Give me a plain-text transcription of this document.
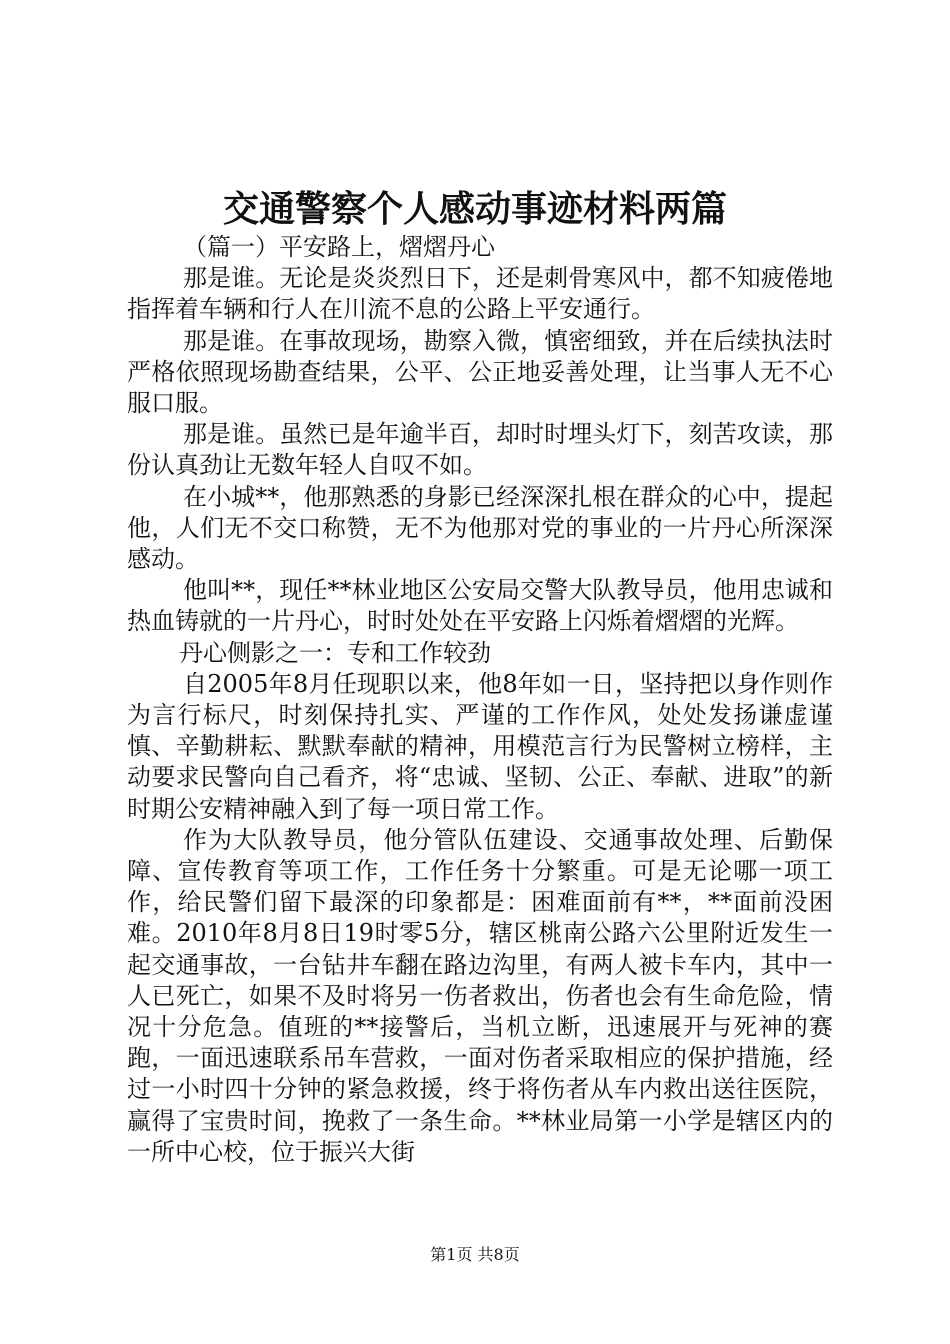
交通警察个人感动事迹材料两篇

（篇一）平安路上，熠熠丹心

那是谁。无论是炎炎烈日下，还是刺骨寒风中，都不知疲倦地指挥着车辆和行人在川流不息的公路上平安通行。

那是谁。在事故现场，勘察入微，慎密细致，并在后续执法时严格依照现场勘查结果，公平、公正地妥善处理，让当事人无不心服口服。

那是谁。虽然已是年逾半百，却时时埋头灯下，刻苦攻读，那份认真劲让无数年轻人自叹不如。

在小城**，他那熟悉的身影已经深深扎根在群众的心中，提起他，人们无不交口称赞，无不为他那对党的事业的一片丹心所深深感动。

他叫**，现任**林业地区公安局交警大队教导员，他用忠诚和热血铸就的一片丹心，时时处处在平安路上闪烁着熠熠的光辉。

丹心侧影之一：专和工作较劲

自2005年8月任现职以来，他8年如一日，坚持把以身作则作为言行标尺，时刻保持扎实、严谨的工作作风，处处发扬谦虚谨慎、辛勤耕耘、默默奉献的精神，用模范言行为民警树立榜样，主动要求民警向自己看齐，将“忠诚、坚韧、公正、奉献、进取”的新时期公安精神融入到了每一项日常工作。

作为大队教导员，他分管队伍建设、交通事故处理、后勤保障、宣传教育等项工作，工作任务十分繁重。可是无论哪一项工作，给民警们留下最深的印象都是：困难面前有**，**面前没困难。2010年8月8日19时零5分，辖区桃南公路六公里附近发生一起交通事故，一台钻井车翻在路边沟里，有两人被卡车内，其中一人已死亡，如果不及时将另一伤者救出，伤者也会有生命危险，情况十分危急。值班的**接警后，当机立断，迅速展开与死神的赛跑，一面迅速联系吊车营救，一面对伤者采取相应的保护措施，经过一小时四十分钟的紧急救援，终于将伤者从车内救出送往医院，赢得了宝贵时间，挽救了一条生命。**林业局第一小学是辖区内的一所中心校，位于振兴大街

第1页 共8页
